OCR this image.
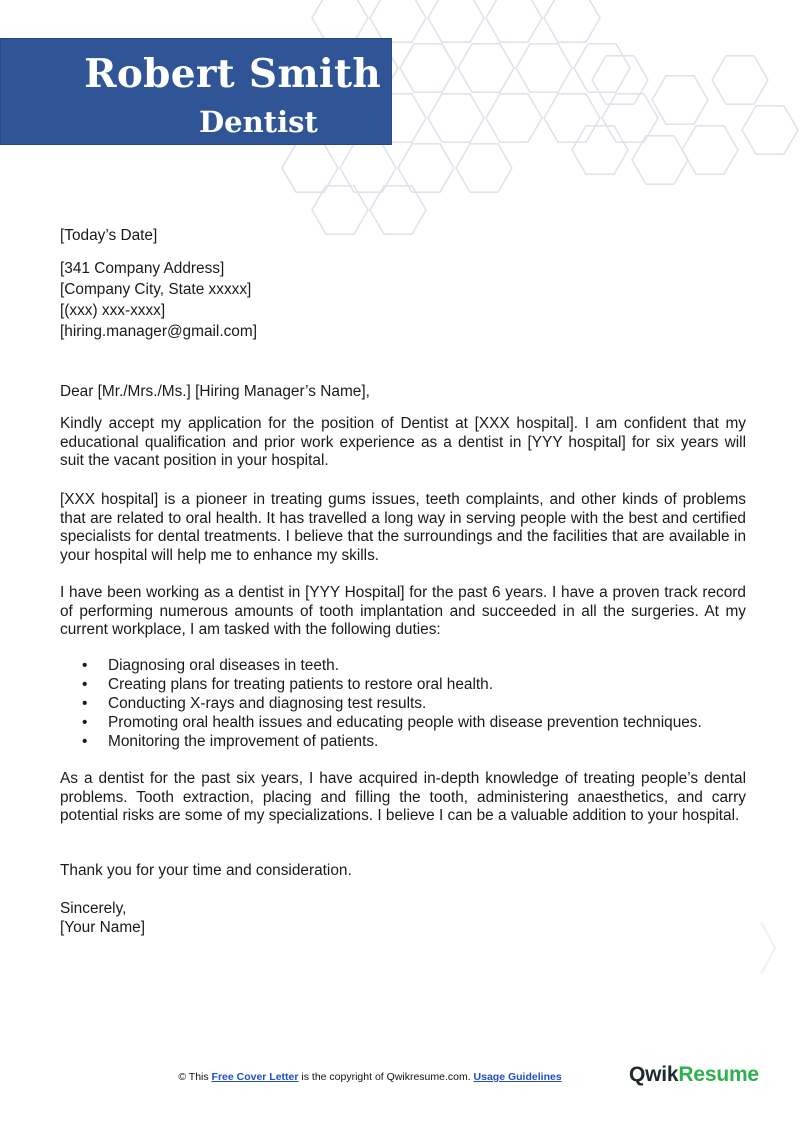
Robert Smith
Dentist
[Today’s Date]
[341 Company Address]
[Company City, State xxxxx]
[(xxx) xxx-xxxx]
[hiring.manager@gmail.com]
Dear [Mr./Mrs./Ms.] [Hiring Manager’s Name],
Kindly accept my application for the position of Dentist at [XXX hospital]. I am confident that my educational qualification and prior work experience as a dentist in [YYY hospital] for six years will suit the vacant position in your hospital.
[XXX hospital] is a pioneer in treating gums issues, teeth complaints, and other kinds of problems that are related to oral health. It has travelled a long way in serving people with the best and certified specialists for dental treatments. I believe that the surroundings and the facilities that are available in your hospital will help me to enhance my skills.
I have been working as a dentist in [YYY Hospital] for the past 6 years. I have a proven track record of performing numerous amounts of tooth implantation and succeeded in all the surgeries. At my current workplace, I am tasked with the following duties:
• Diagnosing oral diseases in teeth.
• Creating plans for treating patients to restore oral health.
• Conducting X-rays and diagnosing test results.
• Promoting oral health issues and educating people with disease prevention techniques.
• Monitoring the improvement of patients.
As a dentist for the past six years, I have acquired in-depth knowledge of treating people’s dental problems. Tooth extraction, placing and filling the tooth, administering anaesthetics, and carry potential risks are some of my specializations. I believe I can be a valuable addition to your hospital.
Thank you for your time and consideration.
Sincerely,
[Your Name]
© This Free Cover Letter is the copyright of Qwikresume.com. Usage Guidelines	QwikResume
